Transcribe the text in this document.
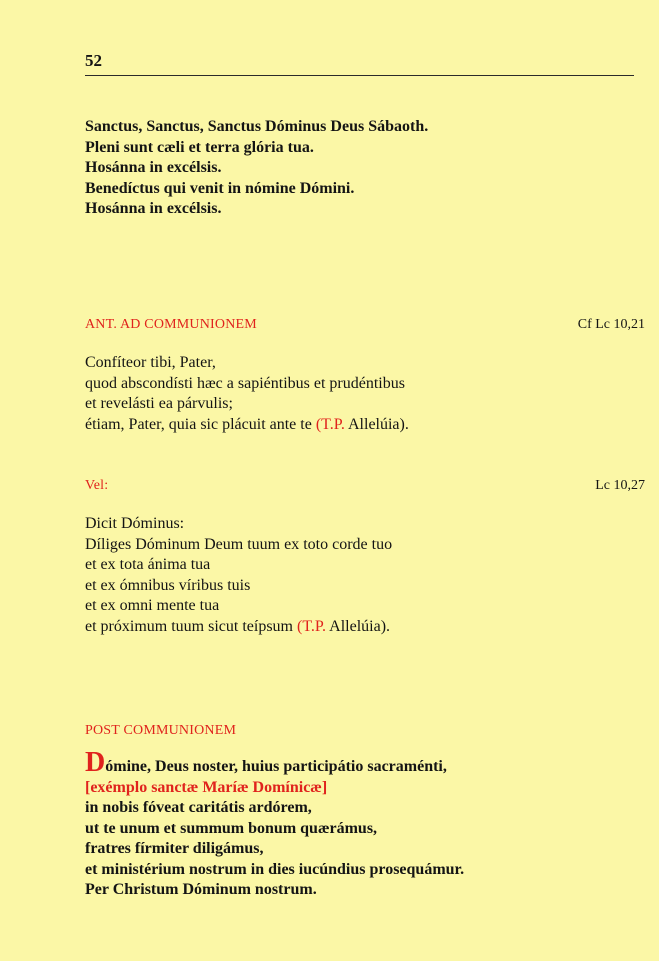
52
Sanctus, Sanctus, Sanctus Dóminus Deus Sábaoth.
Pleni sunt cæli et terra glória tua.
Hosánna in excélsis.
Benedíctus qui venit in nómine Dómini.
Hosánna in excélsis.
ANT. AD COMMUNIONEM	Cf Lc 10,21
Confíteor tibi, Pater,
quod abscondísti hæc a sapiéntibus et prudéntibus
et revelásti ea párvulis;
étiam, Pater, quia sic plácuit ante te (T.P. Allelúia).
Vel:	Lc 10,27
Dicit Dóminus:
Díliges Dóminum Deum tuum ex toto corde tuo
et ex tota ánima tua
et ex ómnibus víribus tuis
et ex omni mente tua
et próximum tuum sicut teípsum (T.P. Allelúia).
POST COMMUNIONEM
Dómine, Deus noster, huius participátio sacraménti,
[exémplo sanctæ Maríæ Domínicæ]
in nobis fóveat caritátis ardórem,
ut te unum et summum bonum quærámus,
fratres fírmiter diligámus,
et ministérium nostrum in dies iucúndius prosequámur.
Per Christum Dóminum nostrum.
